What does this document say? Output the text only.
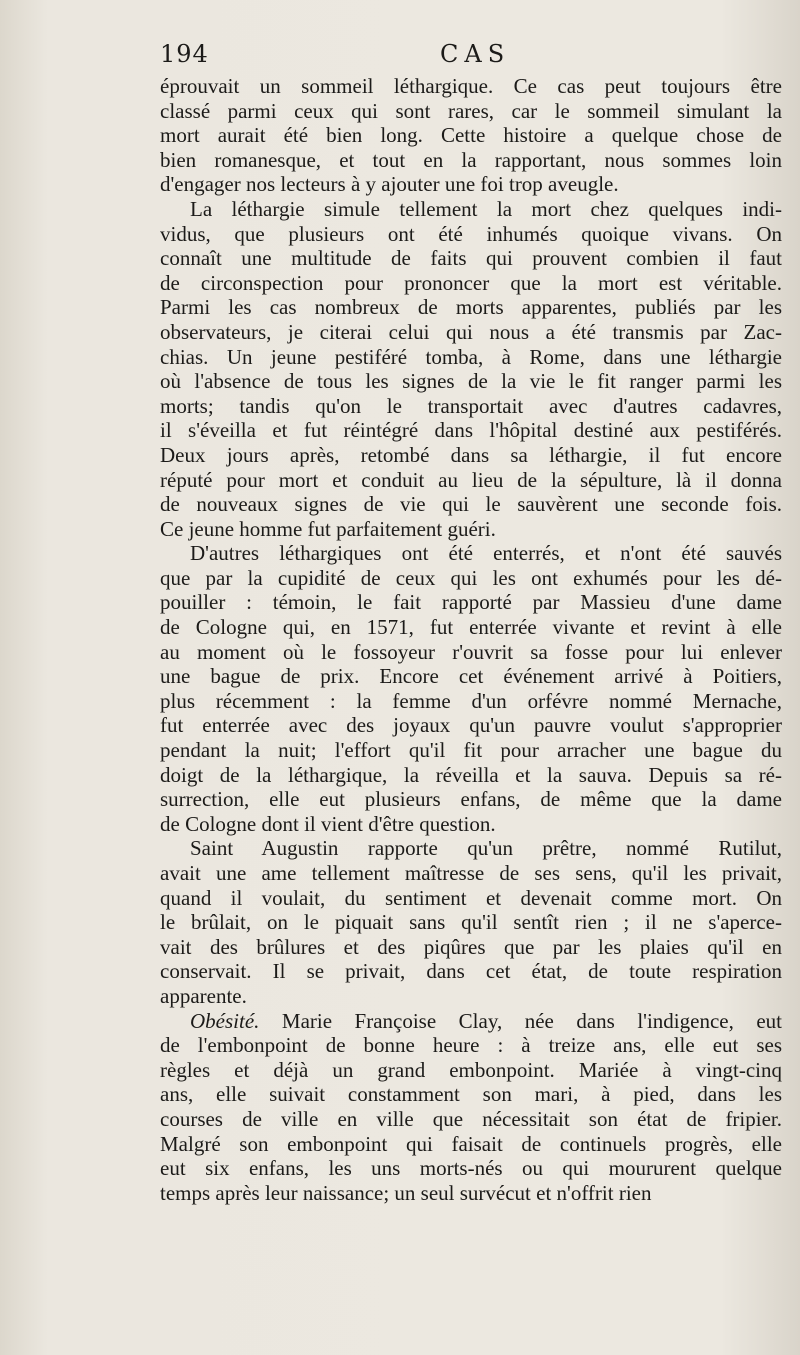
194	CAS

éprouvait un sommeil léthargique. Ce cas peut toujours être

classé parmi ceux qui sont rares, car le sommeil simulant la

mort aurait été bien long. Cette histoire a quelque chose de

bien romanesque, et tout en la rapportant, nous sommes loin

d'engager nos lecteurs à y ajouter une foi trop aveugle.

La léthargie simule tellement la mort chez quelques indi-

vidus, que plusieurs ont été inhumés quoique vivans. On

connaît une multitude de faits qui prouvent combien il faut

de circonspection pour prononcer que la mort est véritable.

Parmi les cas nombreux de morts apparentes, publiés par les

observateurs, je citerai celui qui nous a été transmis par Zac-

chias. Un jeune pestiféré tomba, à Rome, dans une léthargie

où l'absence de tous les signes de la vie le fit ranger parmi les

morts; tandis qu'on le transportait avec d'autres cadavres,

il s'éveilla et fut réintégré dans l'hôpital destiné aux pestiférés.

Deux jours après, retombé dans sa léthargie, il fut encore

réputé pour mort et conduit au lieu de la sépulture, là il donna

de nouveaux signes de vie qui le sauvèrent une seconde fois.

Ce jeune homme fut parfaitement guéri.

D'autres léthargiques ont été enterrés, et n'ont été sauvés

que par la cupidité de ceux qui les ont exhumés pour les dé-

pouiller : témoin, le fait rapporté par Massieu d'une dame

de Cologne qui, en 1571, fut enterrée vivante et revint à elle

au moment où le fossoyeur r'ouvrit sa fosse pour lui enlever

une bague de prix. Encore cet événement arrivé à Poitiers,

plus récemment : la femme d'un orfévre nommé Mernache,

fut enterrée avec des joyaux qu'un pauvre voulut s'approprier

pendant la nuit; l'effort qu'il fit pour arracher une bague du

doigt de la léthargique, la réveilla et la sauva. Depuis sa ré-

surrection, elle eut plusieurs enfans, de même que la dame

de Cologne dont il vient d'être question.

Saint Augustin rapporte qu'un prêtre, nommé Rutilut,

avait une ame tellement maîtresse de ses sens, qu'il les privait,

quand il voulait, du sentiment et devenait comme mort. On

le brûlait, on le piquait sans qu'il sentît rien ; il ne s'aperce-

vait des brûlures et des piqûres que par les plaies qu'il en

conservait. Il se privait, dans cet état, de toute respiration

apparente.

Obésité. Marie Françoise Clay, née dans l'indigence, eut

de l'embonpoint de bonne heure : à treize ans, elle eut ses

règles et déjà un grand embonpoint. Mariée à vingt-cinq

ans, elle suivait constamment son mari, à pied, dans les

courses de ville en ville que nécessitait son état de fripier.

Malgré son embonpoint qui faisait de continuels progrès, elle

eut six enfans, les uns morts-nés ou qui moururent quelque

temps après leur naissance; un seul survécut et n'offrit rien
